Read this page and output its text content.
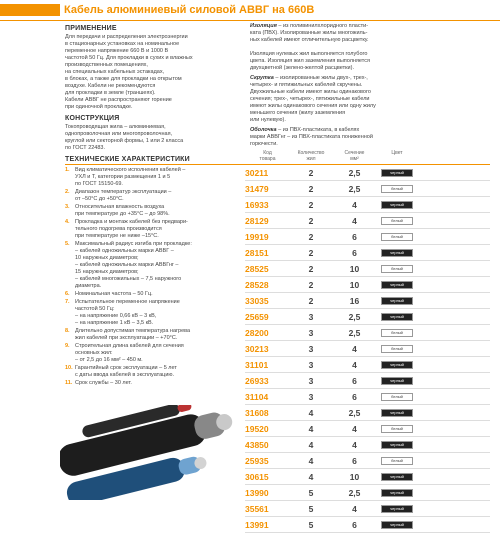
Кабель алюминиевый силовой АВВГ на 660В
ПРИМЕНЕНИЕ
Для передачи и распределения электроэнергии
в стационарных установках на номинальное
переменное напряжение 660 В и 1000 В
частотой 50 Гц. Для прокладки в сухих и влажных
производственных помещениях,
на специальных кабельных эстакадах,
в блоках, а также для прокладки на открытом
воздухе. Кабели не рекомендуются
для прокладки в земле (траншеях).
Кабели АВВГ не распространяют горение
при одиночной прокладке.
КОНСТРУКЦИЯ
Токопроводящая жила – алюминиевая,
однопроволочная или многопроволочная,
круглой или секторной формы, 1 или 2 класса
по ГОСТ 22483.
ТЕХНИЧЕСКИЕ ХАРАКТЕРИСТИКИ
1. Вид климатического исполнения кабелей –
УХЛ и Т, категории размещения 1 и 5
по ГОСТ 15150-69.
2. Диапазон температур эксплуатации –
от –50°С до +50°С.
3. Относительная влажность воздуха
при температуре до +35°С – до 98%.
4. Прокладка и монтаж кабелей без предвари-
тельного подогрева производится
при температуре не ниже –15°С.
5. Максимальный радиус изгиба при прокладке:
– кабелей одножильных марки АВВГ –
10 наружных диаметров;
– кабелей одножильных марки АВВГнг –
15 наружных диаметров;
– кабелей многожильных – 7,5 наружного
диаметра.
6. Номинальная частота – 50 Гц.
7. Испытательное переменное напряжение
частотой 50 Гц:
– на напряжение 0,66 кВ – 3 кВ,
– на напряжение 1 кВ – 3,5 кВ.
8. Длительно допустимая температура нагрева
жил кабелей при эксплуатации – +70°С.
9. Строительная длина кабелей для сечения
основных жил:
– от 2,5 до 16 мм² – 450 м.
10. Гарантийный срок эксплуатации – 5 лет
с даты ввода кабелей в эксплуатацию.
11. Срок службы – 30 лет.
Изоляция – из поливинилхлоридного пласти-
ката (ПВХ). Изолированные жилы многожиль-
ных кабелей имеют отличительную расцветку.

Изоляция нулевых жил выполняется голубого
цвета. Изоляция жил заземления выполняется
двухцветной (зелено-желтой расцветки).
Скрутка – изолированные жилы двух-, трех-,
четырех- и пятижильных кабелей скручены.
Двухжильные кабели имеют жилы одинакового
сечения; трех-, четырех-, пятижильные кабели
имеют жилы одинакового сечения или одну жилу
меньшего сечения (жилу заземления
или нулевую).
Оболочка – из ПВХ-пластиката, в кабелях
марки АВВГнг – из ПВХ-пластиката пониженной
горючести.
Код
товара
Количество
жил
Сечение
мм²
Цвет
30211	2	2,5	черный
31479	2	2,5	белый
16933	2	4	черный
28129	2	4	белый
19919	2	6	белый
28151	2	6	черный
28525	2	10	белый
28528	2	10	черный
33035	2	16	черный
25659	3	2,5	черный
28200	3	2,5	белый
30213	3	4	белый
31101	3	4	черный
26933	3	6	черный
31104	3	6	белый
31608	4	2,5	черный
19520	4	4	белый
43850	4	4	черный
25935	4	6	белый
30615	4	10	черный
13990	5	2,5	черный
35561	5	4	черный
13991	5	6	черный
